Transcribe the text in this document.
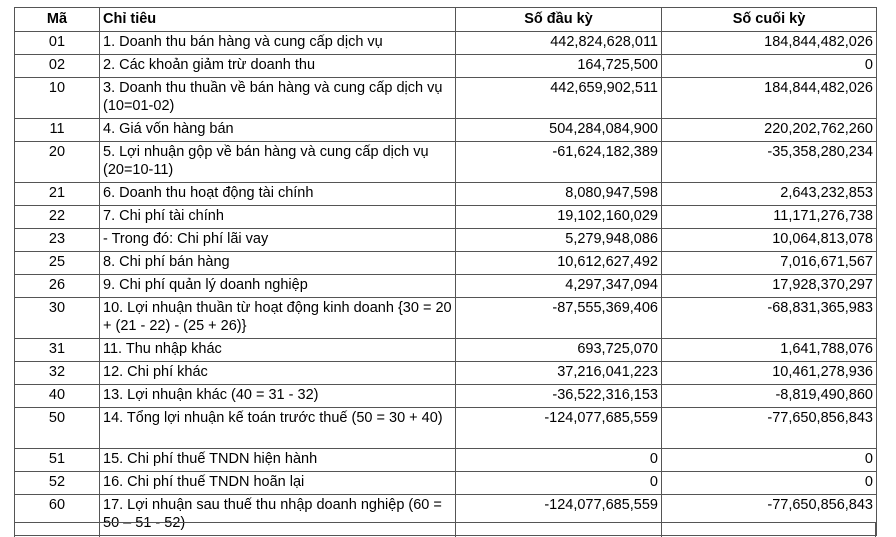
Mã	Chỉ tiêu	Số đầu kỳ	Số cuối kỳ
01	1. Doanh thu bán hàng và cung cấp dịch vụ	442,824,628,011	184,844,482,026
02	2. Các khoản giảm trừ doanh thu	164,725,500	0
10	3. Doanh thu thuần về bán hàng và cung cấp dịch vụ (10=01-02)	442,659,902,511	184,844,482,026
11	4. Giá vốn hàng bán	504,284,084,900	220,202,762,260
20	5. Lợi nhuận gộp về bán hàng và cung cấp dịch vụ (20=10-11)	-61,624,182,389	-35,358,280,234
21	6. Doanh thu hoạt động tài chính	8,080,947,598	2,643,232,853
22	7. Chi phí tài chính	19,102,160,029	11,171,276,738
23	- Trong đó: Chi phí lãi vay	5,279,948,086	10,064,813,078
25	8. Chi phí bán hàng	10,612,627,492	7,016,671,567
26	9. Chi phí quản lý doanh nghiệp	4,297,347,094	17,928,370,297
30	10. Lợi nhuận thuần từ hoạt động kinh doanh {30 = 20 + (21 - 22) - (25 + 26)}	-87,555,369,406	-68,831,365,983
31	11. Thu nhập khác	693,725,070	1,641,788,076
32	12. Chi phí khác	37,216,041,223	10,461,278,936
40	13. Lợi nhuận khác (40 = 31 - 32)	-36,522,316,153	-8,819,490,860
50	14. Tổng lợi nhuận kế toán trước thuế (50 = 30 + 40)	-124,077,685,559	-77,650,856,843
51	15. Chi phí thuế TNDN hiện hành	0	0
52	16. Chi phí thuế TNDN hoãn lại	0	0
60	17. Lợi nhuận sau thuế thu nhập doanh nghiệp (60 = 50 – 51 - 52)	-124,077,685,559	-77,650,856,843
